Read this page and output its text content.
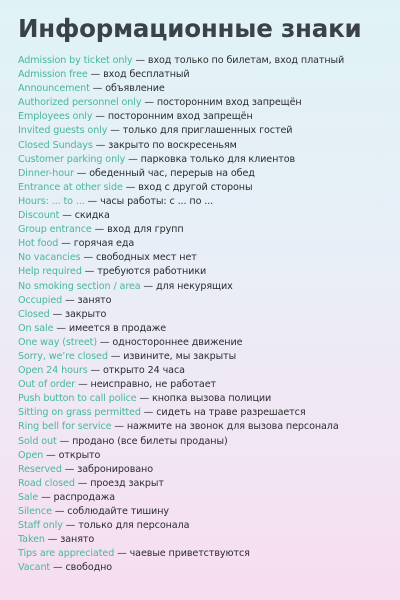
Информационные знаки
Admission by ticket only — вход только по билетам, вход платный
Admission free — вход бесплатный
Announcement — объявление
Authorized personnel only — посторонним вход запрещён
Employees only — посторонним вход запрещён
Invited guests only — только для приглашенных гостей
Closed Sundays — закрыто по воскресеньям
Customer parking only — парковка только для клиентов
Dinner-hour — обеденный час, перерыв на обед
Entrance at other side — вход с другой стороны
Hours: ... to ... — часы работы: с ... по ...
Discount — скидка
Group entrance — вход для групп
Hot food — горячая еда
No vacancies — свободных мест нет
Help required — требуются работники
No smoking section / area — для некурящих
Occupied — занято
Closed — закрыто
On sale — имеется в продаже
One way (street) — одностороннее движение
Sorry, we’re closed — извините, мы закрыты
Open 24 hours — открыто 24 часа
Out of order — неисправно, не работает
Push button to call police — кнопка вызова полиции
Sitting on grass permitted — сидеть на траве разрешается
Ring bell for service — нажмите на звонок для вызова персонала
Sold out — продано (все билеты проданы)
Open — открыто
Reserved — забронировано
Road closed — проезд закрыт
Sale — распродажа
Silence — соблюдайте тишину
Staff only — только для персонала
Taken — занято
Tips are appreciated — чаевые приветствуются
Vacant — свободно
